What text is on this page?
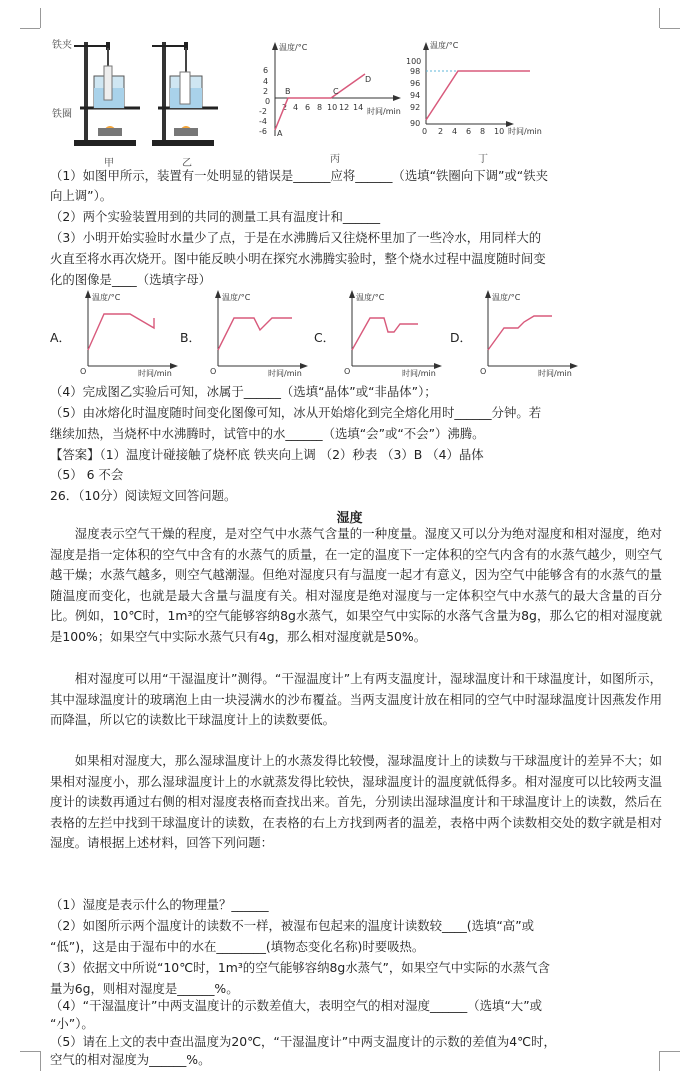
铁夹
铁圈
甲	乙
温度/°C
时间/min
6
4
2
0
-2
-4
-6
2 4 6 8 10 12 14
A
B	C
D
丙
温度/°C
时间/min
100
98
96
94
92
90
0 2 4 6 8 10
丁
（1）如图甲所示，装置有一处明显的错误是______应将______（选填“铁圈向下调”或“铁夹
向上调”）。
（2）两个实验装置用到的共同的测量工具有温度计和______
（3）小明开始实验时水量少了点，于是在水沸腾后又往烧杯里加了一些冷水，用同样大的
火直至将水再次烧开。图中能反映小明在探究水沸腾实验时，整个烧水过程中温度随时间变
化的图像是____（选填字母）
A．
温度/°C
时间/min
O
B．
温度/°C
时间/min
O
C．
温度/°C
时间/min
O
D．
温度/°C
时间/min
O
（4）完成图乙实验后可知，冰属于______（选填“晶体”或“非晶体”）；
（5）由冰熔化时温度随时间变化图像可知，冰从开始熔化到完全熔化用时______分钟。若
继续加热，当烧杯中水沸腾时，试管中的水______（选填“会”或“不会”）沸腾。
【答案】（1）温度计碰接触了烧杯底 铁夹向上调 （2）秒表 （3）B （4）晶体
（5） 6 不会
26．（10分）阅读短文回答问题。
湿度
湿度表示空气干燥的程度，是对空气中水蒸气含量的一种度量。湿度又可以分为绝对湿度和相对湿度，绝对湿度是指一定体积的空气中含有的水蒸气的质量，在一定的温度下一定体积的空气内含有的水蒸气越少，则空气越干燥；水蒸气越多，则空气越潮湿。但绝对湿度只有与温度一起才有意义，因为空气中能够含有的水蒸气的量随温度而变化，也就是最大含量与温度有关。相对湿度是绝对湿度与一定体积空气中水蒸气的最大含量的百分比。例如，10℃时，1m³的空气能够容纳8g水蒸气，如果空气中实际的水落气含量为8g，那么它的相对湿度就是100%；如果空气中实际水蒸气只有4g，那么相对湿度就是50%。
相对湿度可以用“干湿温度计”测得。“干湿温度计”上有两支温度计，湿球温度计和干球温度计，如图所示，其中湿球温度计的玻璃泡上由一块浸满水的沙布覆益。当两支温度计放在相同的空气中时湿球温度计因燕发作用而降温，所以它的读数比干球温度计上的读数要低。
如果相对湿度大，那么湿球温度计上的水蒸发得比较慢，湿球温度计上的读数与干球温度计的差异不大；如果相对湿度小，那么湿球温度计上的水就蒸发得比较快，湿球温度计的温度就低得多。相对湿度可以比较两支温度计的读数再通过右侧的相对湿度表格而查找出来。首先，分别读出湿球温度计和干球温度计上的读数，然后在表格的左拦中找到干球温度计的读数，在表格的右上方找到两者的温差，表格中两个读数相交处的数字就是相对湿度。请根据上述材料，回答下列问题：
（1）湿度是表示什么的物理量？______
（2）如图所示两个温度计的读数不一样，被湿布包起来的温度计读数较____(选填“高”或
“低”)，这是由于湿布中的水在________(填物态变化名称)时要吸热。
（3）依据文中所说“10℃时，1m³的空气能够容纳8g水蒸气”，如果空气中实际的水蒸气含
量为6g，则相对湿度是______%。
（4）“干湿温度计”中两支温度计的示数差值大，表明空气的相对湿度______（选填“大”或
“小”）。
（5）请在上文的表中查出温度为20℃，“干湿温度计”中两支温度计的示数的差值为4℃时，
空气的相对湿度为______%。
